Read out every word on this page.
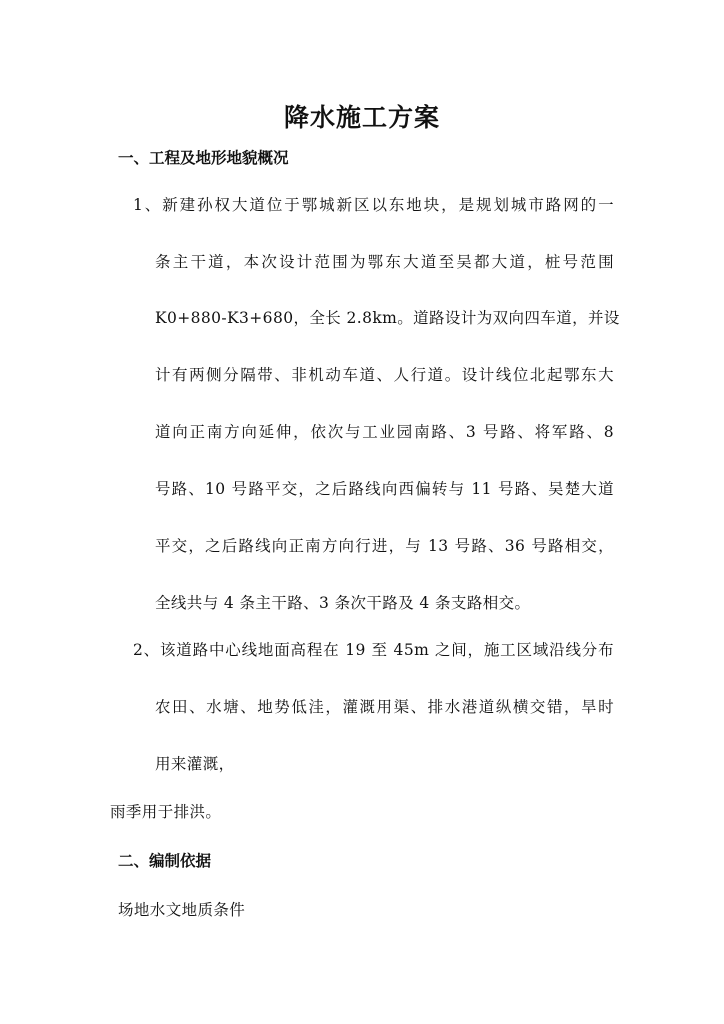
降水施工方案
一、工程及地形地貌概况
1、新建孙权大道位于鄂城新区以东地块，是规划城市路网的一
条主干道，本次设计范围为鄂东大道至吴都大道，桩号范围
K0+880-K3+680，全长 2.8km。道路设计为双向四车道，并设
计有两侧分隔带、非机动车道、人行道。设计线位北起鄂东大
道向正南方向延伸，依次与工业园南路、3 号路、将军路、8
号路、10 号路平交，之后路线向西偏转与 11 号路、吴楚大道
平交，之后路线向正南方向行进，与 13 号路、36 号路相交，
全线共与 4 条主干路、3 条次干路及 4 条支路相交。
2、该道路中心线地面高程在 19 至 45m 之间，施工区域沿线分布
农田、水塘、地势低洼，灌溉用渠、排水港道纵横交错，旱时
用来灌溉，
雨季用于排洪。
二、编制依据
场地水文地质条件
